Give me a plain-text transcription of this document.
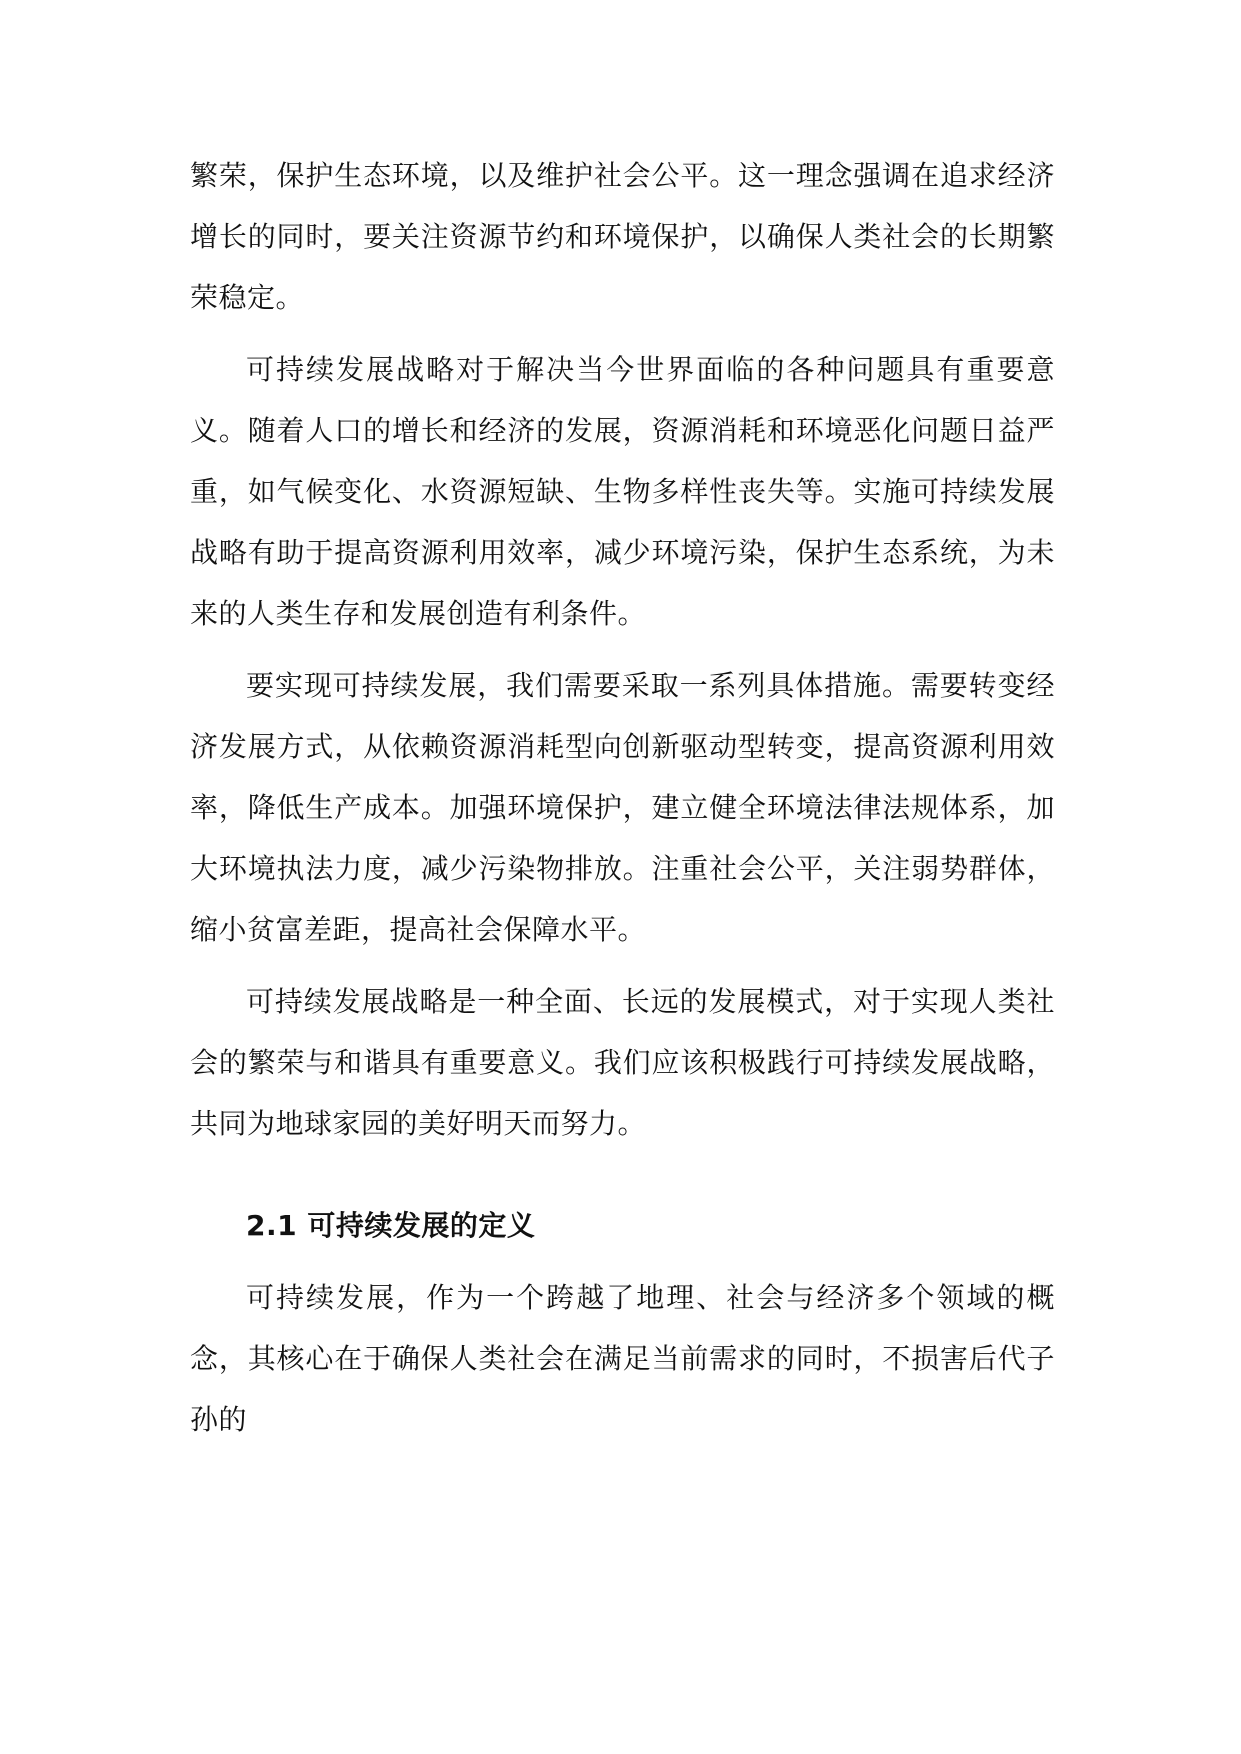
繁荣，保护生态环境，以及维护社会公平。这一理念强调在追求经济增长的同时，要关注资源节约和环境保护，以确保人类社会的长期繁荣稳定。

可持续发展战略对于解决当今世界面临的各种问题具有重要意义。随着人口的增长和经济的发展，资源消耗和环境恶化问题日益严重，如气候变化、水资源短缺、生物多样性丧失等。实施可持续发展战略有助于提高资源利用效率，减少环境污染，保护生态系统，为未来的人类生存和发展创造有利条件。

要实现可持续发展，我们需要采取一系列具体措施。需要转变经济发展方式，从依赖资源消耗型向创新驱动型转变，提高资源利用效率，降低生产成本。加强环境保护，建立健全环境法律法规体系，加大环境执法力度，减少污染物排放。注重社会公平，关注弱势群体，缩小贫富差距，提高社会保障水平。

可持续发展战略是一种全面、长远的发展模式，对于实现人类社会的繁荣与和谐具有重要意义。我们应该积极践行可持续发展战略，共同为地球家园的美好明天而努力。

2.1 可持续发展的定义

可持续发展，作为一个跨越了地理、社会与经济多个领域的概念，其核心在于确保人类社会在满足当前需求的同时，不损害后代子孙的
